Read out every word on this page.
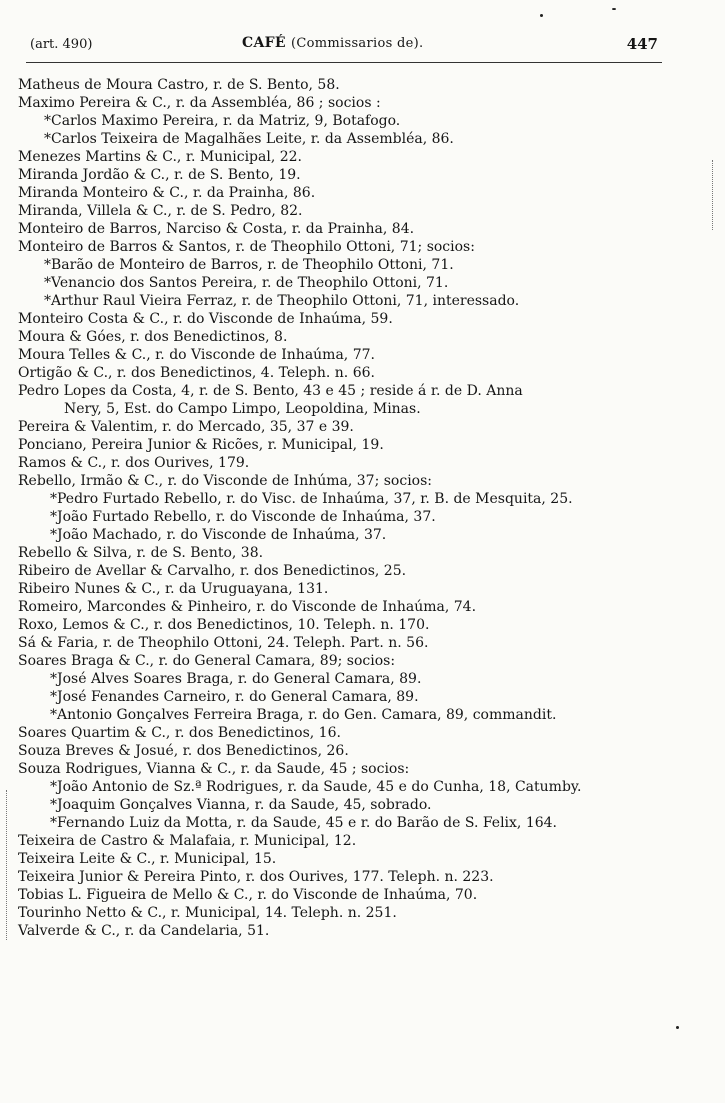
(art. 490)	CAFÉ (Commissarios de).	447
Matheus de Moura Castro, r. de S. Bento, 58.
Maximo Pereira & C., r. da Assembléa, 86 ; socios :
*Carlos Maximo Pereira, r. da Matriz, 9, Botafogo.
*Carlos Teixeira de Magalhães Leite, r. da Assembléa, 86.
Menezes Martins & C., r. Municipal, 22.
Miranda Jordão & C., r. de S. Bento, 19.
Miranda Monteiro & C., r. da Prainha, 86.
Miranda, Villela & C., r. de S. Pedro, 82.
Monteiro de Barros, Narciso & Costa, r. da Prainha, 84.
Monteiro de Barros & Santos, r. de Theophilo Ottoni, 71; socios:
*Barão de Monteiro de Barros, r. de Theophilo Ottoni, 71.
*Venancio dos Santos Pereira, r. de Theophilo Ottoni, 71.
*Arthur Raul Vieira Ferraz, r. de Theophilo Ottoni, 71, interessado.
Monteiro Costa & C., r. do Visconde de Inhaúma, 59.
Moura & Góes, r. dos Benedictinos, 8.
Moura Telles & C., r. do Visconde de Inhaúma, 77.
Ortigão & C., r. dos Benedictinos, 4. Teleph. n. 66.
Pedro Lopes da Costa, 4, r. de S. Bento, 43 e 45 ; reside á r. de D. Anna
Nery, 5, Est. do Campo Limpo, Leopoldina, Minas.
Pereira & Valentim, r. do Mercado, 35, 37 e 39.
Ponciano, Pereira Junior & Ricões, r. Municipal, 19.
Ramos & C., r. dos Ourives, 179.
Rebello, Irmão & C., r. do Visconde de Inhúma, 37; socios:
*Pedro Furtado Rebello, r. do Visc. de Inhaúma, 37, r. B. de Mesquita, 25.
*João Furtado Rebello, r. do Visconde de Inhaúma, 37.
*João Machado, r. do Visconde de Inhaúma, 37.
Rebello & Silva, r. de S. Bento, 38.
Ribeiro de Avellar & Carvalho, r. dos Benedictinos, 25.
Ribeiro Nunes & C., r. da Uruguayana, 131.
Romeiro, Marcondes & Pinheiro, r. do Visconde de Inhaúma, 74.
Roxo, Lemos & C., r. dos Benedictinos, 10. Teleph. n. 170.
Sá & Faria, r. de Theophilo Ottoni, 24. Teleph. Part. n. 56.
Soares Braga & C., r. do General Camara, 89; socios:
*José Alves Soares Braga, r. do General Camara, 89.
*José Fenandes Carneiro, r. do General Camara, 89.
*Antonio Gonçalves Ferreira Braga, r. do Gen. Camara, 89, commandit.
Soares Quartim & C., r. dos Benedictinos, 16.
Souza Breves & Josué, r. dos Benedictinos, 26.
Souza Rodrigues, Vianna & C., r. da Saude, 45 ; socios:
*João Antonio de Sz.ª Rodrigues, r. da Saude, 45 e do Cunha, 18, Catumby.
*Joaquim Gonçalves Vianna, r. da Saude, 45, sobrado.
*Fernando Luiz da Motta, r. da Saude, 45 e r. do Barão de S. Felix, 164.
Teixeira de Castro & Malafaia, r. Municipal, 12.
Teixeira Leite & C., r. Municipal, 15.
Teixeira Junior & Pereira Pinto, r. dos Ourives, 177. Teleph. n. 223.
Tobias L. Figueira de Mello & C., r. do Visconde de Inhaúma, 70.
Tourinho Netto & C., r. Municipal, 14. Teleph. n. 251.
Valverde & C., r. da Candelaria, 51.
